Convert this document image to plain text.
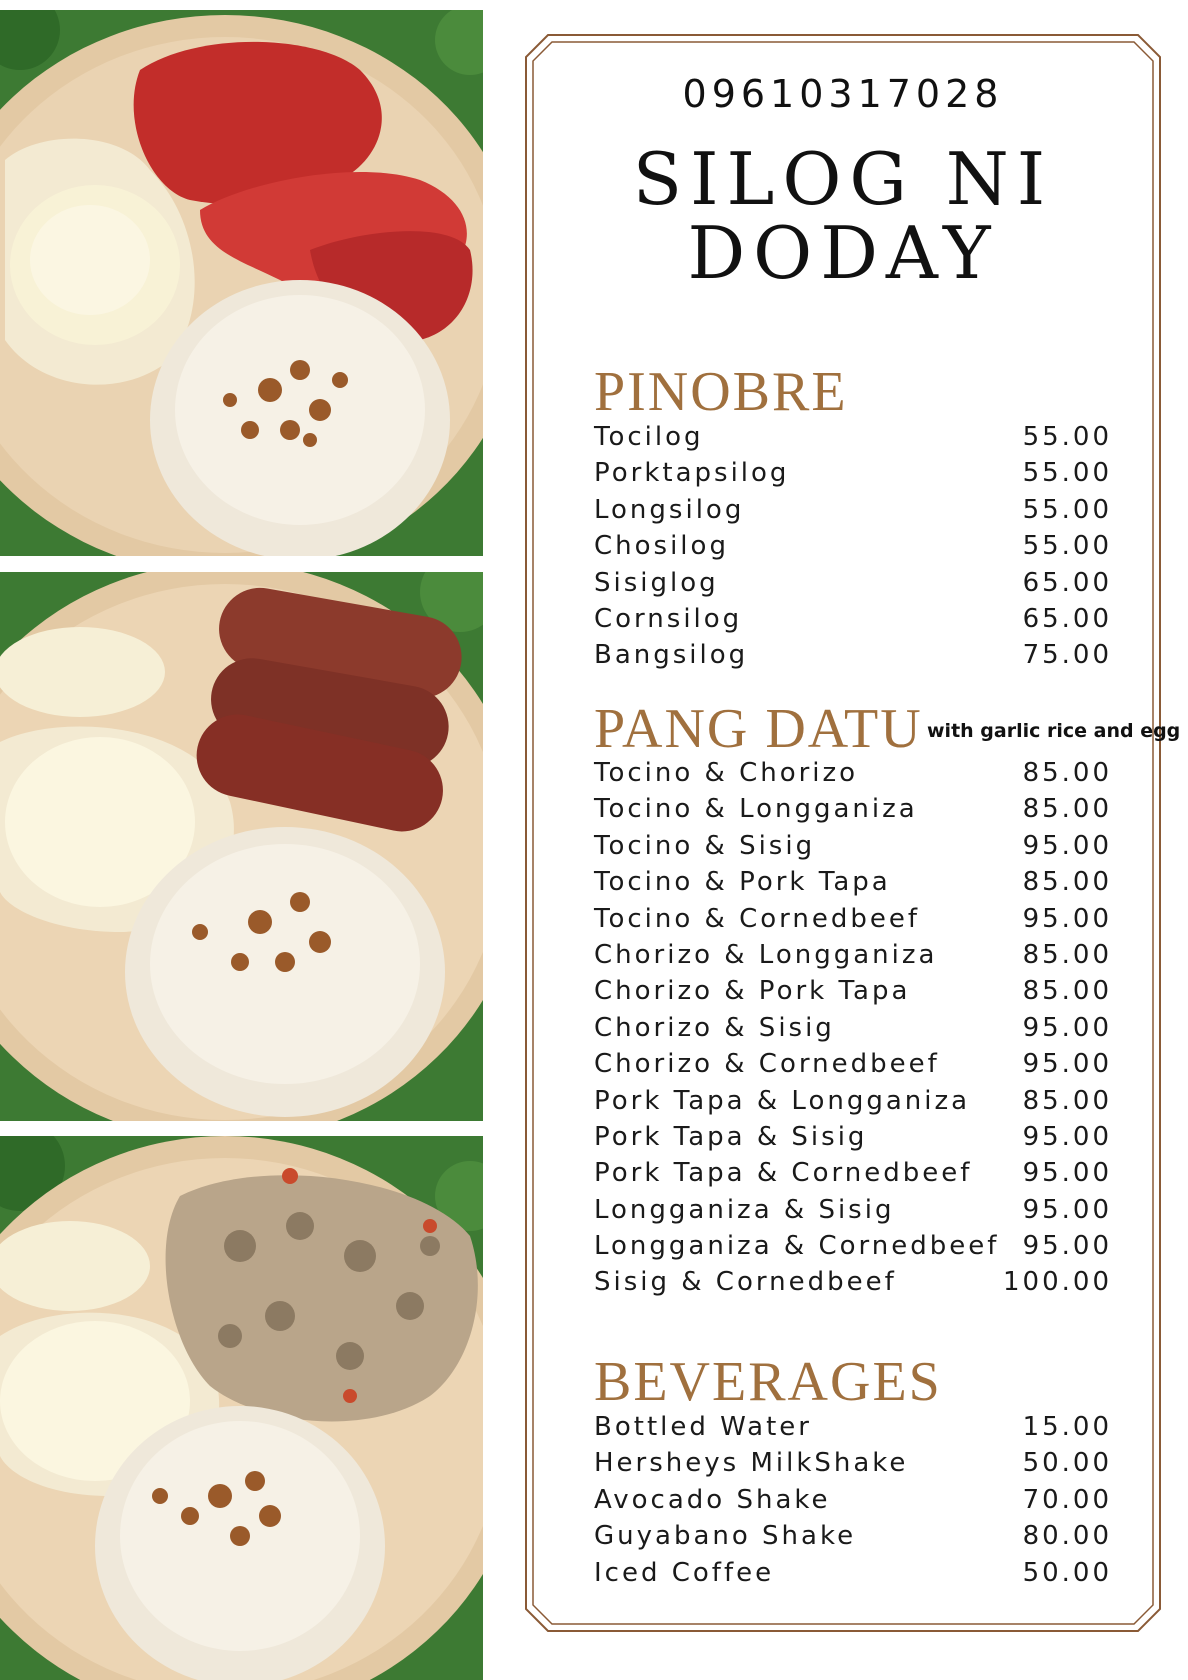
09610317028
SILOG NI
DODAY
PINOBRE
Tocilog	55.00
Porktapsilog	55.00
Longsilog	55.00
Chosilog	55.00
Sisiglog	65.00
Cornsilog	65.00
Bangsilog	75.00
PANG DATU with garlic rice and egg
Tocino & Chorizo	85.00
Tocino & Longganiza	85.00
Tocino & Sisig	95.00
Tocino & Pork Tapa	85.00
Tocino & Cornedbeef	95.00
Chorizo & Longganiza	85.00
Chorizo & Pork Tapa	85.00
Chorizo & Sisig	95.00
Chorizo & Cornedbeef	95.00
Pork Tapa & Longganiza 85.00
Pork Tapa & Sisig	95.00
Pork Tapa & Cornedbeef 95.00
Longganiza & Sisig	95.00
Longganiza & Cornedbeef 95.00
Sisig & Cornedbeef	100.00
BEVERAGES
Bottled Water	15.00
Hersheys MilkShake	50.00
Avocado Shake	70.00
Guyabano Shake	80.00
Iced Coffee	50.00
